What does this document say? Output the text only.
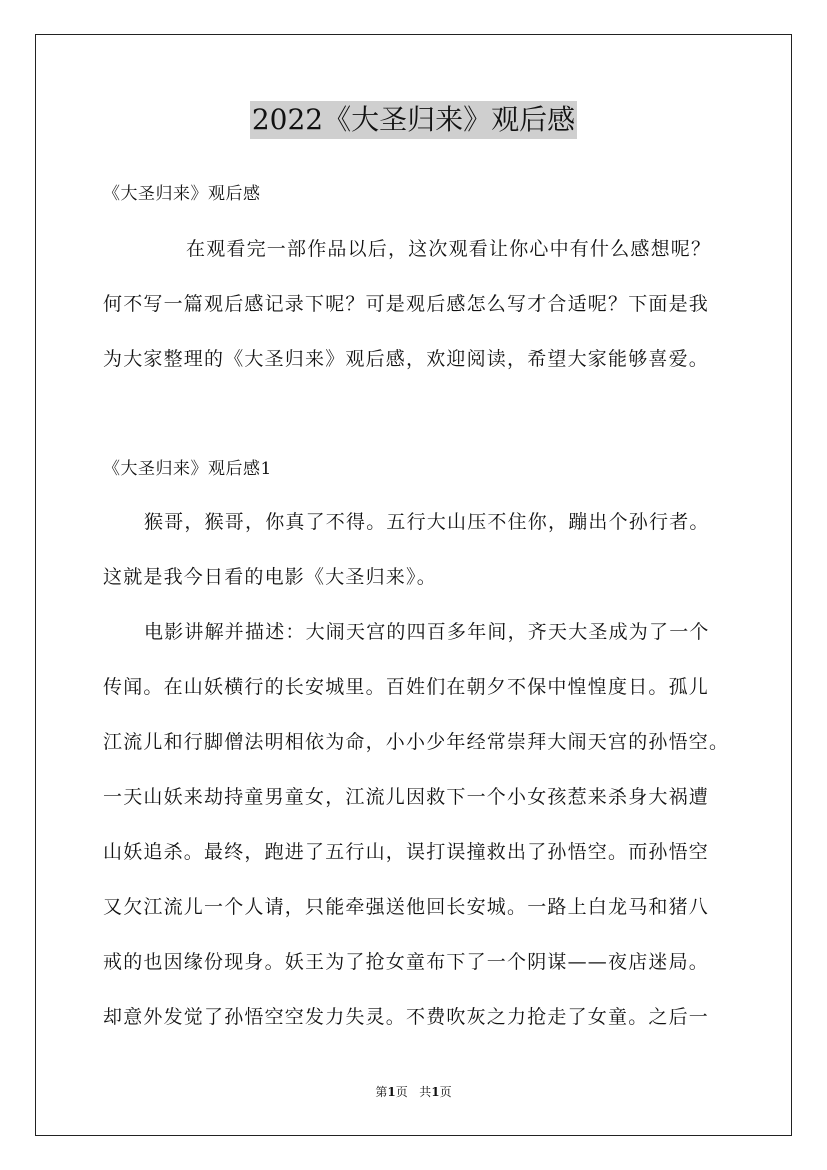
2022《大圣归来》观后感
《大圣归来》观后感
在观看完一部作品以后，这次观看让你心中有什么感想呢？
何不写一篇观后感记录下呢？可是观后感怎么写才合适呢？下面是我
为大家整理的《大圣归来》观后感，欢迎阅读，希望大家能够喜爱。
《大圣归来》观后感1
猴哥，猴哥，你真了不得。五行大山压不住你，蹦出个孙行者。
这就是我今日看的电影《大圣归来》。
电影讲解并描述：大闹天宫的四百多年间，齐天大圣成为了一个
传闻。在山妖横行的长安城里。百姓们在朝夕不保中惶惶度日。孤儿
江流儿和行脚僧法明相依为命，小小少年经常崇拜大闹天宫的孙悟空。
一天山妖来劫持童男童女，江流儿因救下一个小女孩惹来杀身大祸遭
山妖追杀。最终，跑进了五行山，误打误撞救出了孙悟空。而孙悟空
又欠江流儿一个人请，只能牵强送他回长安城。一路上白龙马和猪八
戒的也因缘份现身。妖王为了抢女童布下了一个阴谋——夜店迷局。
却意外发觉了孙悟空空发力失灵。不费吹灰之力抢走了女童。之后一
第1页 共1页
